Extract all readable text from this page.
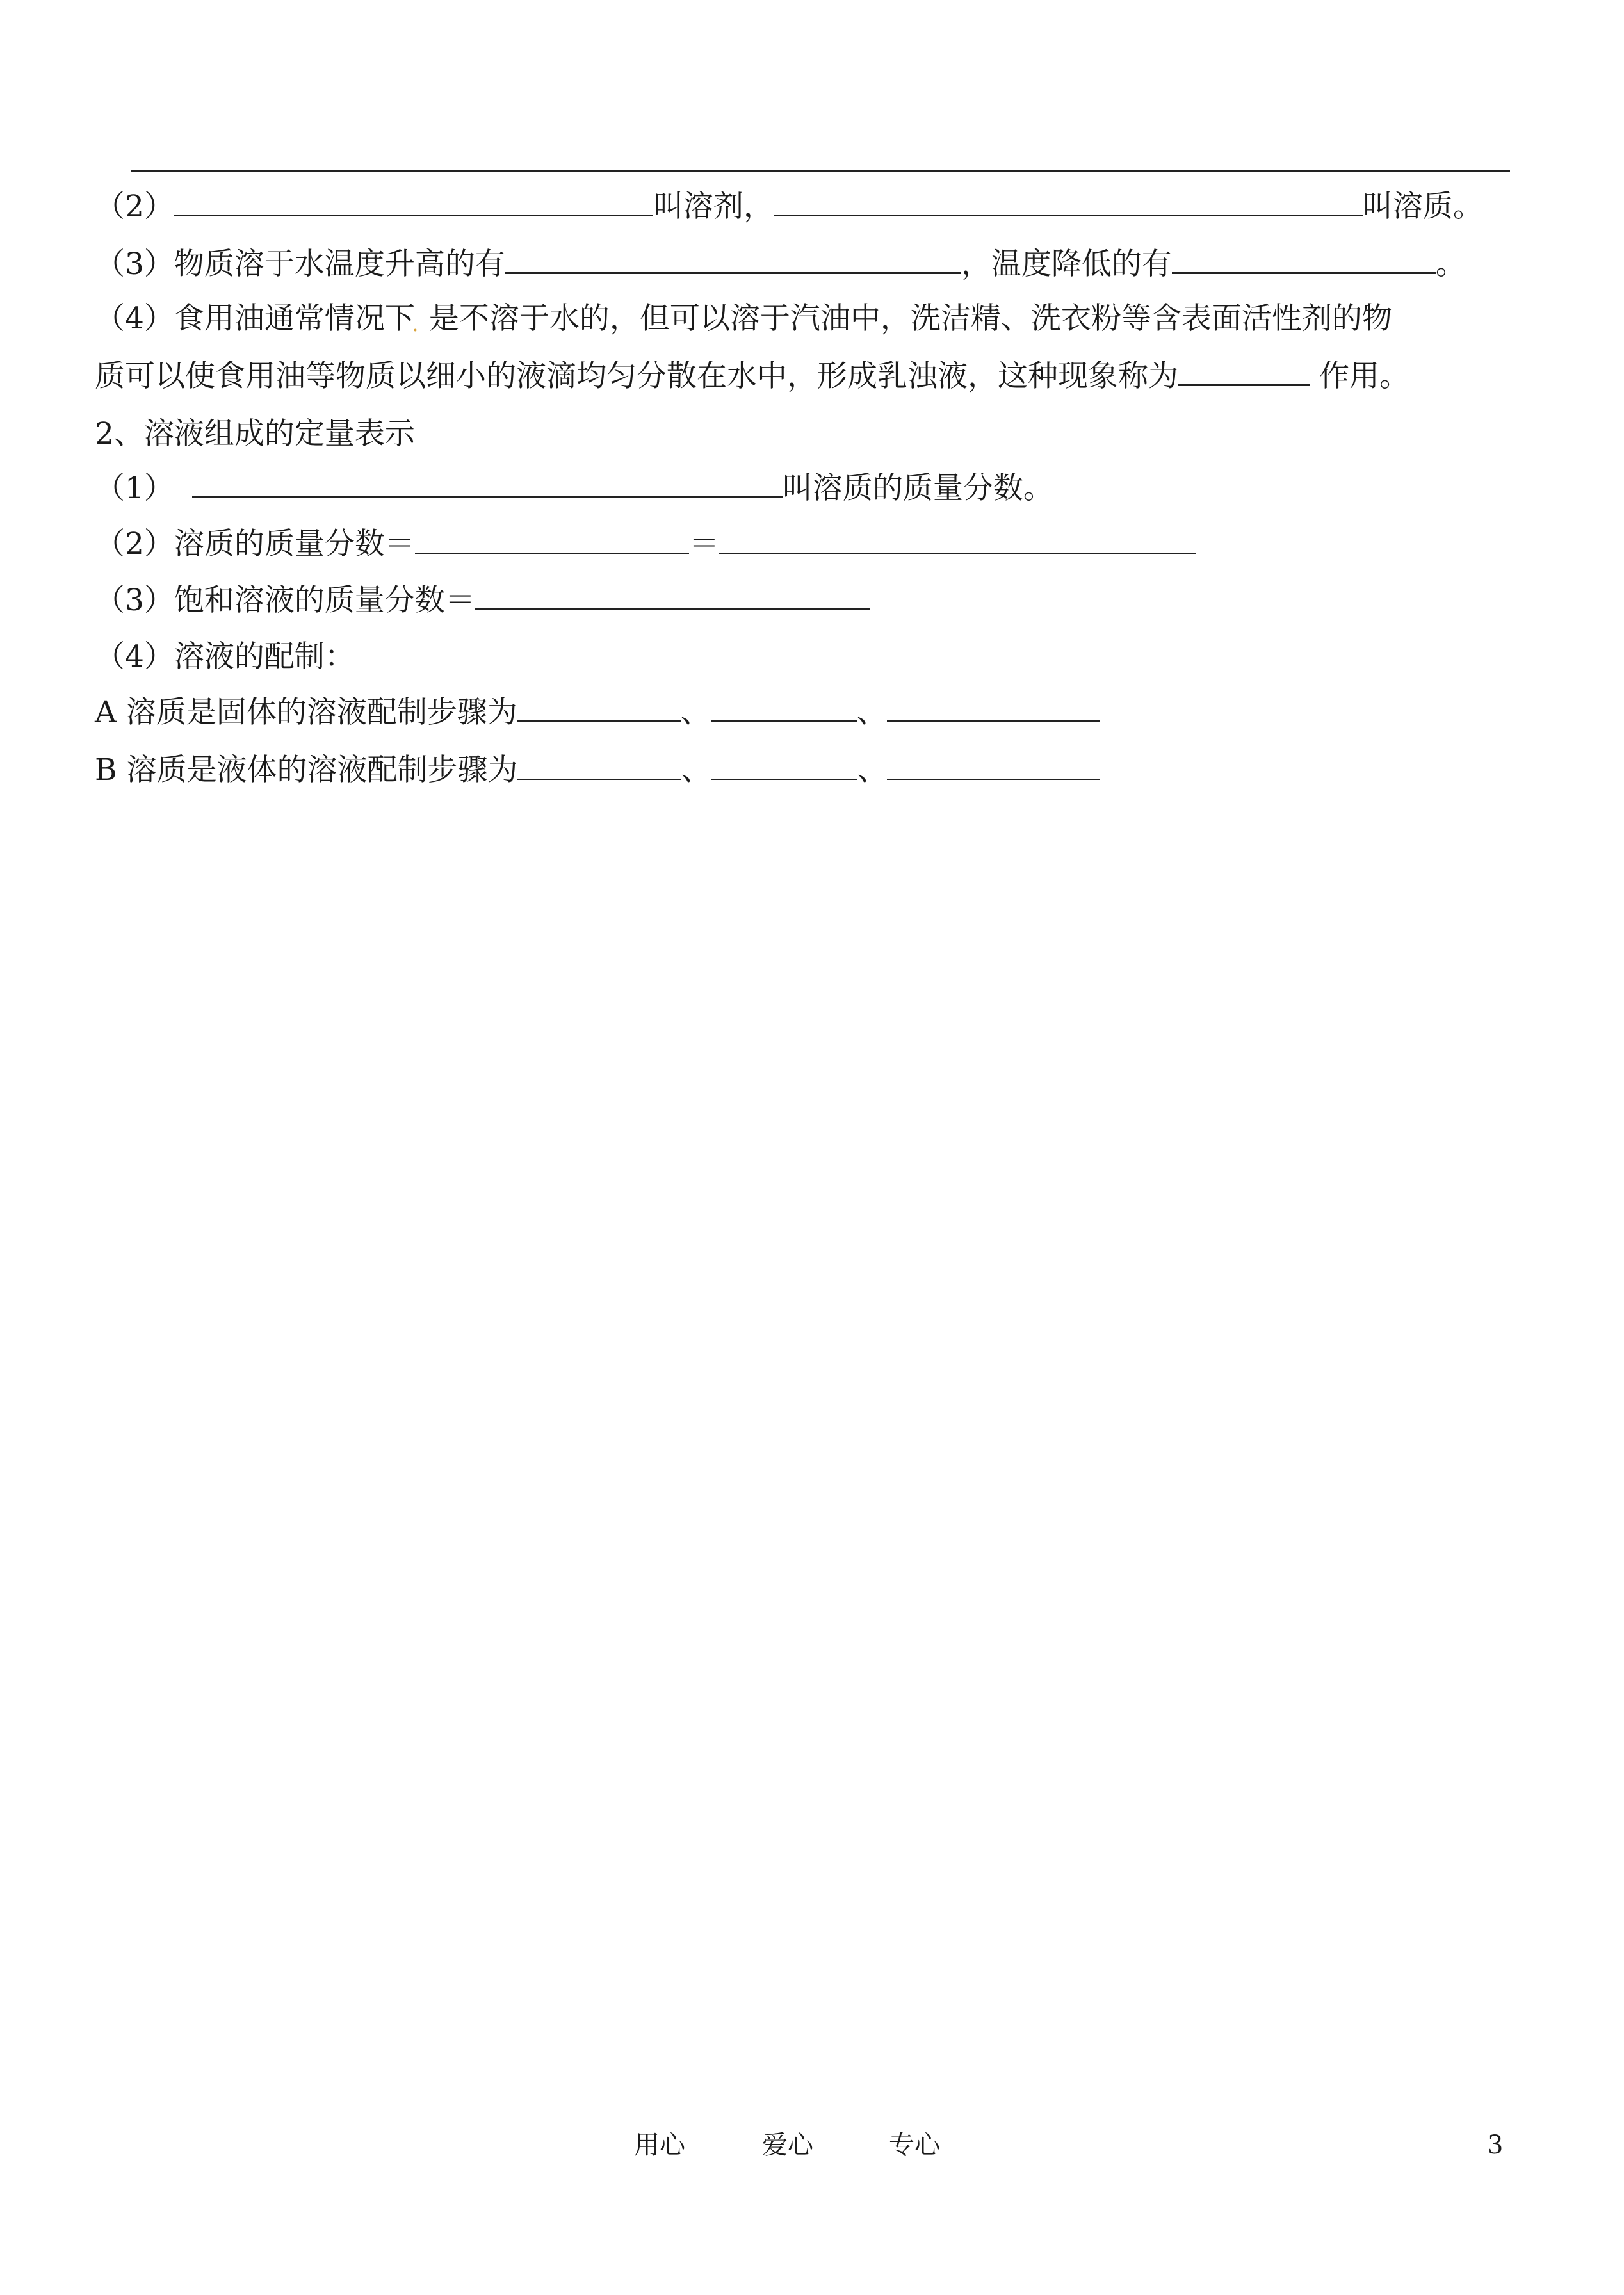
（2）	叫溶剂，	叫溶质。
（3）物质溶于水温度升高的有	，温度降低的有	。
（4）食用油通常情况下．是不溶于水的，但可以溶于汽油中，洗洁精、洗衣粉等含表面活性剂的物
质可以使食用油等物质以细小的液滴均匀分散在水中，形成乳浊液，这种现象称为	作用。
2、溶液组成的定量表示
（1）	叫溶质的质量分数。
（2）溶质的质量分数＝	＝
（3）饱和溶液的质量分数＝
（4）溶液的配制：
A 溶质是固体的溶液配制步骤为	、	、
B 溶质是液体的溶液配制步骤为	、	、
用心	爱心	专心	3
